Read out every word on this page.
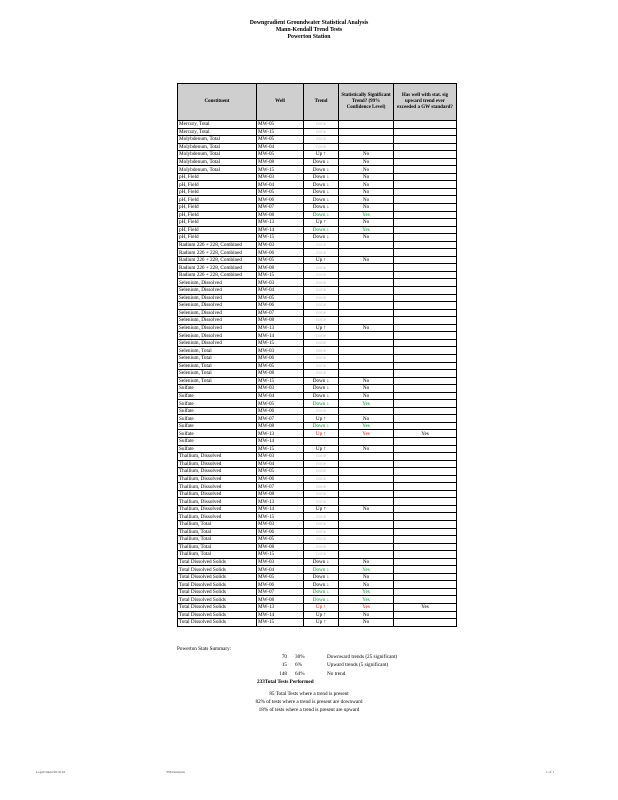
Downgradient Groundwater Statistical Analysis
Mann-Kendall Trend Tests
Powerton Station
Constituent	Well	Trend	Statistically Significant Trend? (99% Confidence Level)	Has well with stat. sig upward trend ever exceeded a GW standard?
Mercury, Total	MW-05	none		
Mercury, Total	MW-15	none		
Molybdenum, Total	MW-05	none		
Molybdenum, Total	MW-04	none		
Molybdenum, Total	MW-05	Up ↑	No	
Molybdenum, Total	MW-08	Down ↓	No	
Molybdenum, Total	MW-15	Down ↓	No	
pH, Field	MW-03	Down ↓	No	
pH, Field	MW-04	Down ↓	No	
pH, Field	MW-05	Down ↓	No	
pH, Field	MW-06	Down ↓	No	
pH, Field	MW-07	Down ↓	No	
pH, Field	MW-08	Down ↓	Yes	
pH, Field	MW-13	Up ↑	No	
pH, Field	MW-14	Down ↓	Yes	
pH, Field	MW-15	Down ↓	No	
Radium 226 + 228, Combined	MW-03	none		
Radium 226 + 228, Combined	MW-06	none		
Radium 226 + 228, Combined	MW-05	Up ↑	No	
Radium 226 + 228, Combined	MW-08	none		
Radium 226 + 228, Combined	MW-15	none		
Selenium, Dissolved	MW-03	none		
Selenium, Dissolved	MW-04	none		
Selenium, Dissolved	MW-05	none		
Selenium, Dissolved	MW-06	none		
Selenium, Dissolved	MW-07	none		
Selenium, Dissolved	MW-08	none		
Selenium, Dissolved	MW-13	Up ↑	No	
Selenium, Dissolved	MW-14	none		
Selenium, Dissolved	MW-15	none		
Selenium, Total	MW-03	none		
Selenium, Total	MW-06	none		
Selenium, Total	MW-05	none		
Selenium, Total	MW-08	none		
Selenium, Total	MW-15	Down ↓	No	
Sulfate	MW-03	Down ↓	No	
Sulfate	MW-04	Down ↓	No	
Sulfate	MW-05	Down ↓	Yes	
Sulfate	MW-06	none		
Sulfate	MW-07	Up ↑	No	
Sulfate	MW-08	Down ↓	Yes	
Sulfate	MW-13	Up ↑	Yes	Yes
Sulfate	MW-14			
Sulfate	MW-15	Up ↑	No	
Thallium, Dissolved	MW-03	none		
Thallium, Dissolved	MW-04	none		
Thallium, Dissolved	MW-05	none		
Thallium, Dissolved	MW-06	none		
Thallium, Dissolved	MW-07	none		
Thallium, Dissolved	MW-08	none		
Thallium, Dissolved	MW-13	none		
Thallium, Dissolved	MW-14	Up ↑	No	
Thallium, Dissolved	MW-15	none		
Thallium, Total	MW-03	none		
Thallium, Total	MW-06	none		
Thallium, Total	MW-05	none		
Thallium, Total	MW-08	none		
Thallium, Total	MW-15	none		
Total Dissolved Solids	MW-03	Down ↓	No	
Total Dissolved Solids	MW-04	Down ↓	Yes	
Total Dissolved Solids	MW-05	Down ↓	No	
Total Dissolved Solids	MW-06	Down ↓	No	
Total Dissolved Solids	MW-07	Down ↓	Yes	
Total Dissolved Solids	MW-08	Down ↓	Yes	
Total Dissolved Solids	MW-13	Up ↑	Yes	Yes
Total Dissolved Solids	MW-14	Up ↑	No	
Total Dissolved Solids	MW-15	Up ↑	No	
Powerton Stats Summary:
70 30%	Downward trends (25 significant)
15 6%	Upward trends (5 significant)
148 64%	No trend
233Total Tests Performed
85 Total Tests where a trend is present
82% of tests where a trend is present are downward
18% of tests where a trend is present are upward
Legal/Table/2010-10	TSD/analysis	1 of 1
